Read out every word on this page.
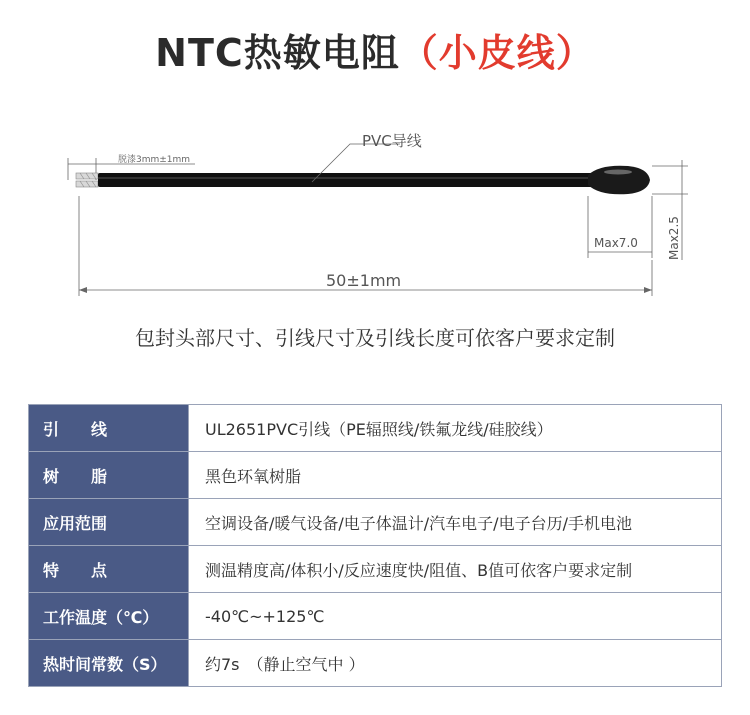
NTC热敏电阻（小皮线）
脱漆3mm±1mm
PVC导线
Max7.0 Max2.5
50±1mm
包封头部尺寸、引线尺寸及引线长度可依客户要求定制
引　　线	UL2651PVC引线（PE辐照线/铁氟龙线/硅胶线）
树　　脂	黑色环氧树脂
应用范围	空调设备/暖气设备/电子体温计/汽车电子/电子台历/手机电池
特　　点	测温精度高/体积小/反应速度快/阻值、B值可依客户要求定制
工作温度（℃）	-40℃~+125℃
热时间常数（S）	约7s　（静止空气中 ）
